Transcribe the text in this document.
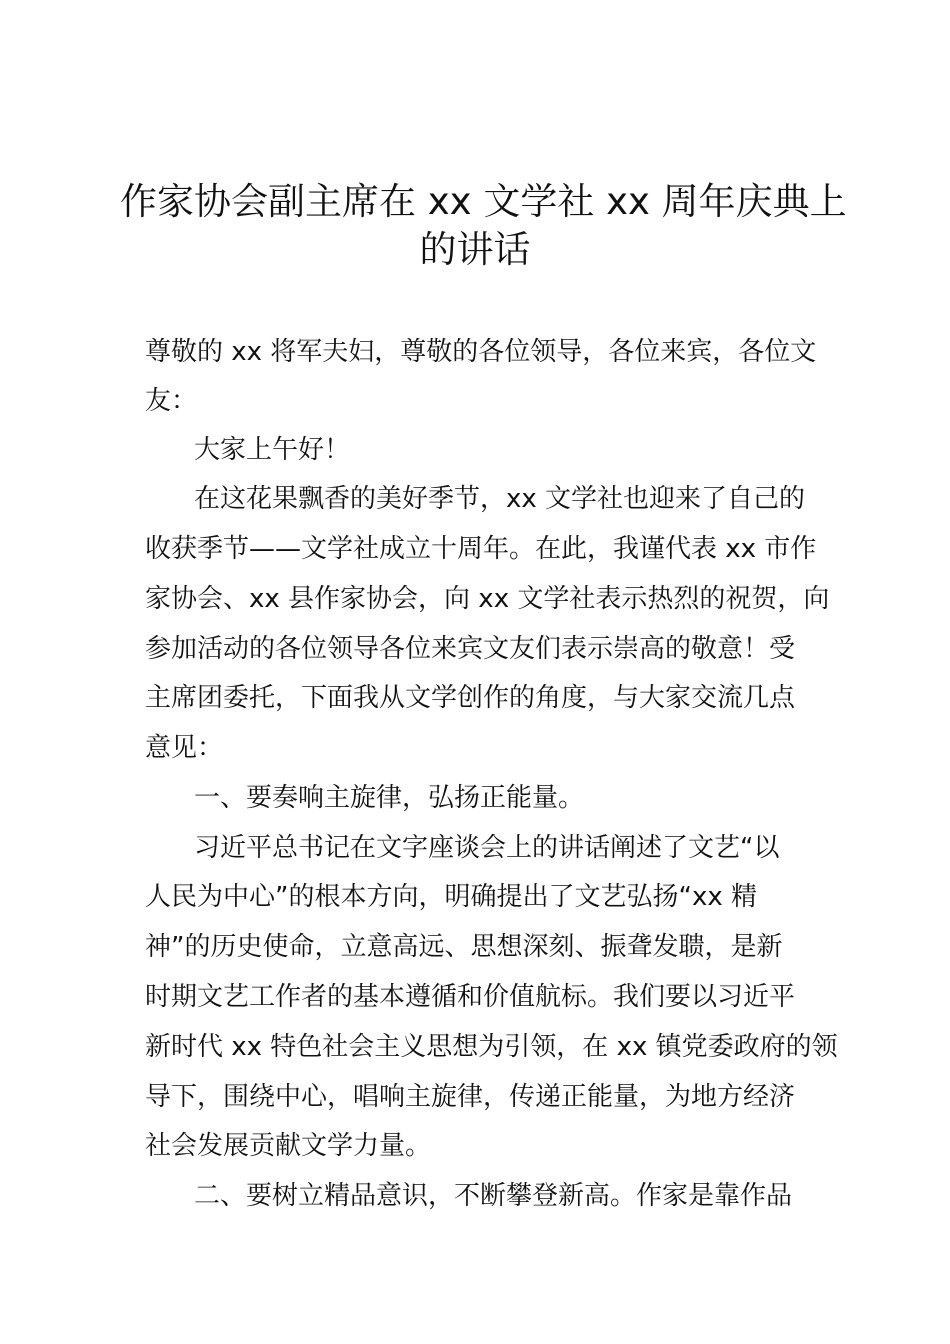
作家协会副主席在 xx 文学社 xx 周年庆典上
的讲话
尊敬的 xx 将军夫妇，尊敬的各位领导，各位来宾，各位文
友：
大家上午好！
在这花果飘香的美好季节，xx 文学社也迎来了自己的
收获季节——文学社成立十周年。在此，我谨代表 xx 市作
家协会、xx 县作家协会，向 xx 文学社表示热烈的祝贺，向
参加活动的各位领导各位来宾文友们表示崇高的敬意！受
主席团委托，下面我从文学创作的角度，与大家交流几点
意见：
一、要奏响主旋律，弘扬正能量。
习近平总书记在文字座谈会上的讲话阐述了文艺“以
人民为中心”的根本方向，明确提出了文艺弘扬“xx 精
神”的历史使命，立意高远、思想深刻、振聋发聩，是新
时期文艺工作者的基本遵循和价值航标。我们要以习近平
新时代 xx 特色社会主义思想为引领，在 xx 镇党委政府的领
导下，围绕中心，唱响主旋律，传递正能量，为地方经济
社会发展贡献文学力量。
二、要树立精品意识，不断攀登新高。作家是靠作品
